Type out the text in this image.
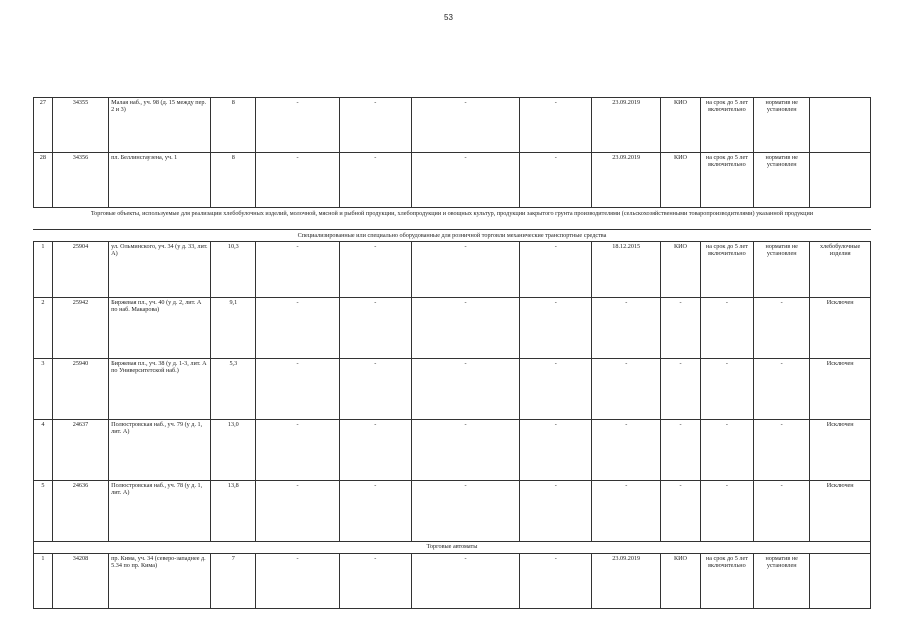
53
27	34355	Малая наб., уч. 98 (д. 15 между пер. 2 и 3)	8	-	-	-	-	23.09.2019	КИО	на срок до 5 лет включительно	норматив не установлен	
28	34356	пл. Беллинсгаузена, уч. 1	8	-	-	-	-	23.09.2019	КИО	на срок до 5 лет включительно	норматив не установлен	
Торговые объекты, используемые для реализации хлебобулочных изделий, молочной, мясной и рыбной продукции, хлебопродукции и овощных культур, продукции закрытого грунта производителями (сельскохозяйственными товаропроизводителями) указанной продукции
Специализированные или специально оборудованные для розничной торговли механические транспортные средства
1	25904	ул. Ольминского, уч. 34 (у д. 33, лит. А)	10,3	-	-	-	-	18.12.2015	КИО	на срок до 5 лет включительно	норматив не установлен	хлебобулочные изделия
2	25942	Биржевая пл., уч. 40 (у д. 2, лит. А по наб. Макарова)	9,1	-	-	-	-	-	-	-	-	Исключен
3	25940	Биржевая пл., уч. 38 (у д. 1-3, лит. А по Университетской наб.)	5,3	-	-	-	-	-	-	-	-	Исключен
4	24637	Полюстровская наб., уч. 79 (у д. 1, лит. А)	13,0	-	-	-	-	-	-	-	-	Исключен
5	24636	Полюстровская наб., уч. 78 (у д. 1, лит. А)	13,8	-	-	-	-	-	-	-	-	Исключен
Торговые автоматы												
1	34208	пр. Кима, уч. 34 (северо-западнее д. 5.34 по пр. Кима)	7	-	-	-	-	23.09.2019	КИО	на срок до 5 лет включительно	норматив не установлен	
